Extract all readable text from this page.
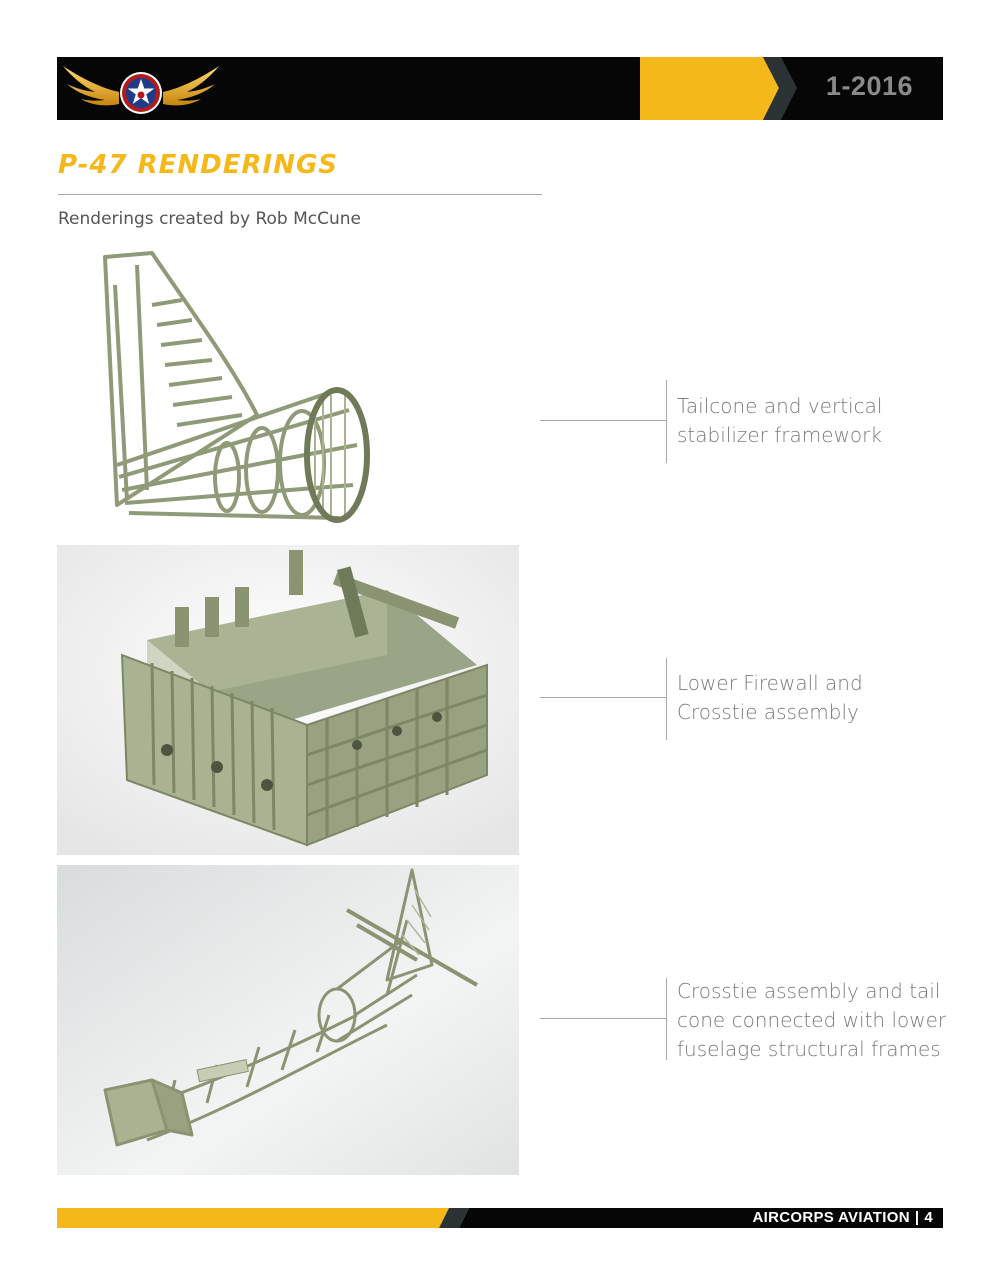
1-2016
P-47 RENDERINGS
Renderings created by Rob McCune
Tailcone and vertical
stabilizer framework
Lower Firewall and
Crosstie assembly
Crosstie assembly and tail
cone connected with lower
fuselage structural frames
AIRCORPS AVIATION | 4
